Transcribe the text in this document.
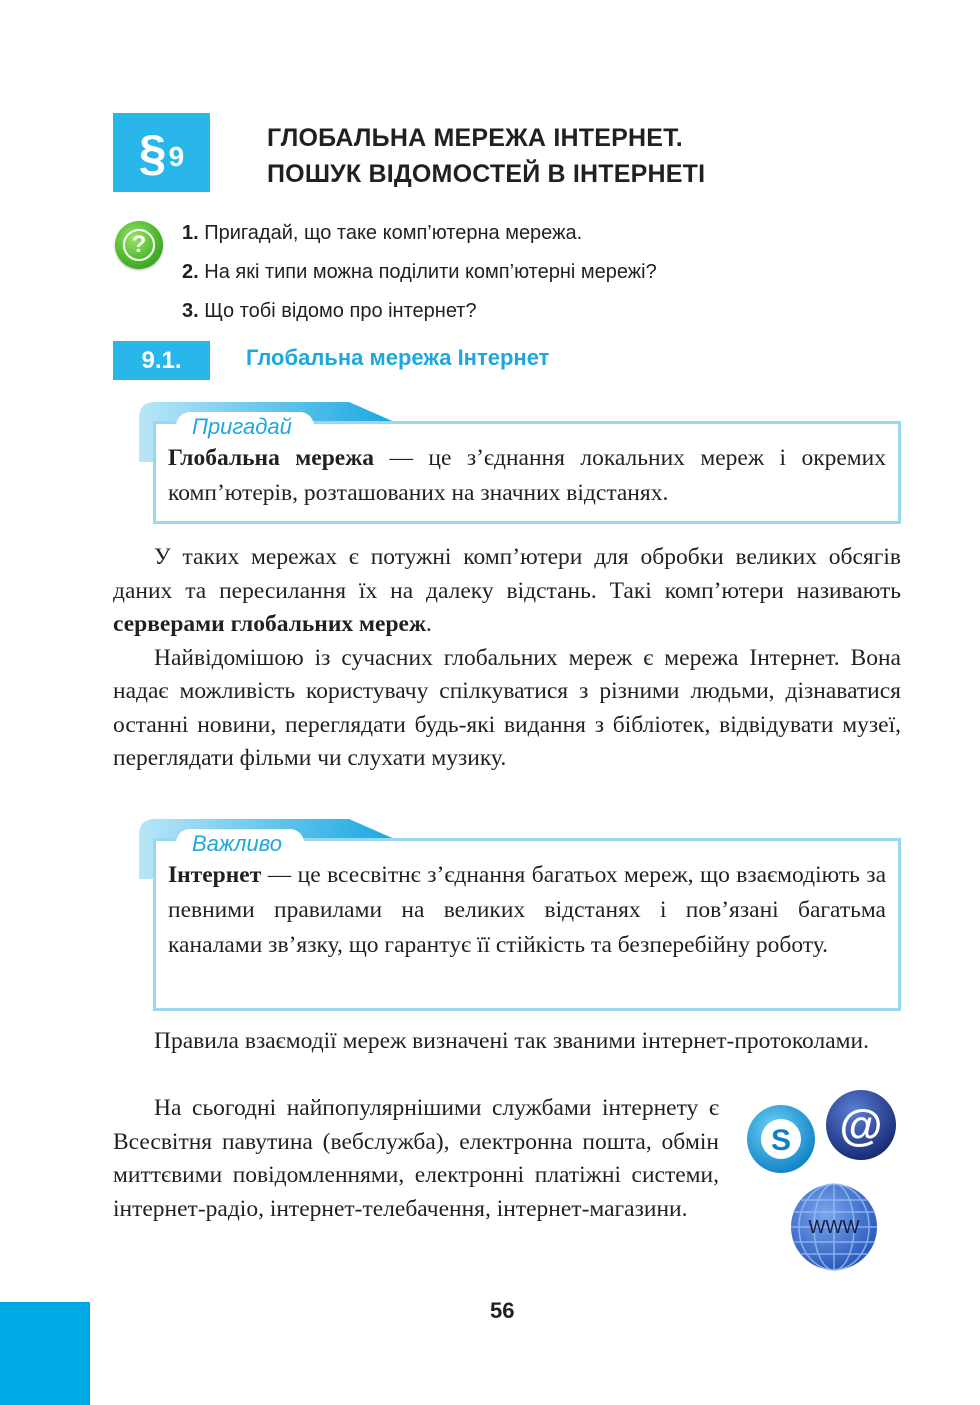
§ 9
ГЛОБАЛЬНА МЕРЕЖА ІНТЕРНЕТ.
ПОШУК ВІДОМОСТЕЙ В ІНТЕРНЕТІ
?	1. Пригадай, що таке комп’ютерна мережа.
2. На які типи можна поділити комп’ютерні мережі?
3. Що тобі відомо про інтернет?
9.1.	Глобальна мережа Інтернет
Пригадай

Глобальна мережа — це з’єднання локальних мереж і окремих комп’ютерів, розташованих на значних відстанях.

У таких мережах є потужні комп’ютери для обробки великих обсягів даних та пересилання їх на далеку відстань. Такі комп’ютери називають серверами глобальних мереж.

Найвідомішою із сучасних глобальних мереж є мережа Інтернет. Вона надає можливість користувачу спілкуватися з різними людьми, дізнаватися останні новини, переглядати будь-які видання з бібліотек, відвідувати музеї, переглядати фільми чи слухати музику.

Важливо

Інтернет — це всесвітнє з’єднання багатьох мереж, що взаємодіють за певними правилами на великих відстанях і пов’язані багатьма каналами зв’язку, що гарантує її стійкість та безперебійну роботу.

Правила взаємодії мереж визначені так званими інтернет-протоколами.

На сьогодні найпопулярнішими службами інтернету є Всесвітня павутина (вебслужба), електронна пошта, обмін миттєвими повідомленнями, електронні платіжні системи, інтернет-радіо, інтернет-телебачення, інтернет-магазини.

S @
WWW
56
